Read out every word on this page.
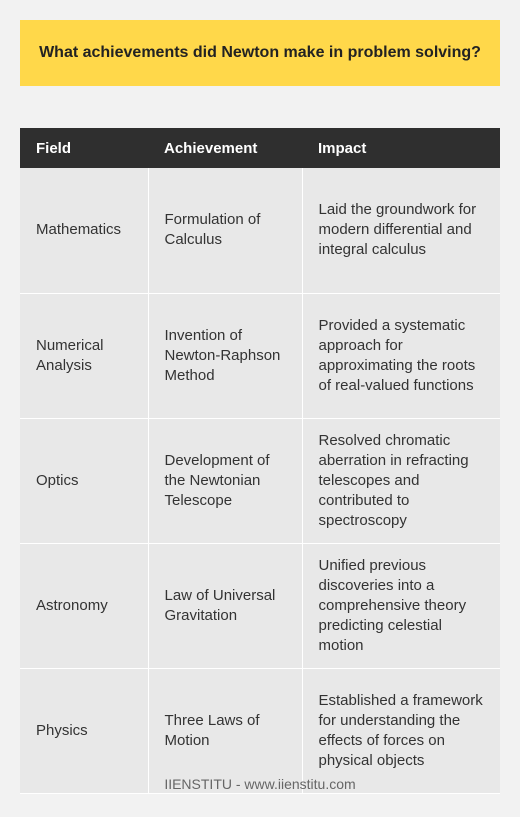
What achievements did Newton make in problem solving?
Field	Achievement	Impact
Mathematics	Formulation of Calculus	Laid the groundwork for modern differential and integral calculus
Numerical Analysis	Invention of Newton-Raphson Method	Provided a systematic approach for approximating the roots of real-valued functions
Optics	Development of the Newtonian Telescope	Resolved chromatic aberration in refracting telescopes and contributed to spectroscopy
Astronomy	Law of Universal Gravitation	Unified previous discoveries into a comprehensive theory predicting celestial motion
Physics	Three Laws of Motion	Established a framework for understanding the effects of forces on physical objects
IIENSTITU - www.iienstitu.com
